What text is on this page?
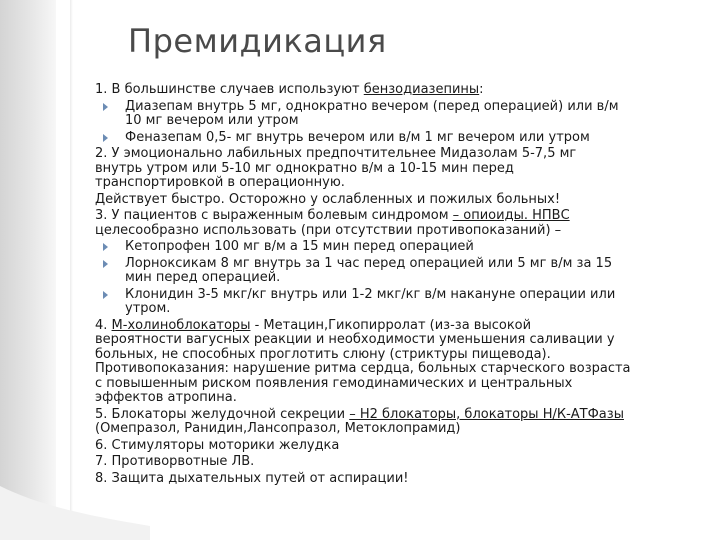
Премидикация
1. В большинстве случаев используют бензодиазепины:
Диазепам внутрь 5 мг, однократно вечером (перед операцией) или в/м
10 мг вечером или утром
Феназепам 0,5- мг внутрь вечером или в/м 1 мг вечером или утром
2. У эмоционально лабильных предпочтительнее Мидазолам 5-7,5 мг
внутрь утром или 5-10 мг однократно в/м а 10-15 мин перед
транспортировкой в операционную.
Действует быстро. Осторожно у ослабленных и пожилых больных!
3. У пациентов с выраженным болевым синдромом – опиоиды. НПВС
целесообразно использовать (при отсутствии противопоказаний) –
Кетопрофен 100 мг в/м а 15 мин перед операцией
Лорноксикам 8 мг внутрь за 1 час перед операцией или 5 мг в/м за 15
мин перед операцией.
Клонидин 3-5 мкг/кг внутрь или 1-2 мкг/кг в/м накануне операции или
утром.
4. М-холиноблокаторы - Метацин,Гикопирролат (из-за высокой
вероятности вагусных реакции и необходимости уменьшения саливации у
больных, не способных проглотить слюну (стриктуры пищевода).
Противопоказания: нарушение ритма сердца, больных старческого возраста
с повышенным риском появления гемодинамических и центральных
эффектов атропина.
5. Блокаторы желудочной секреции – Н2 блокаторы, блокаторы Н/К-АТФазы
(Омепразол, Ранидин,Лансопразол, Метоклопрамид)
6. Стимуляторы моторики желудка
7. Противорвотные ЛВ.
8. Защита дыхательных путей от аспирации!
